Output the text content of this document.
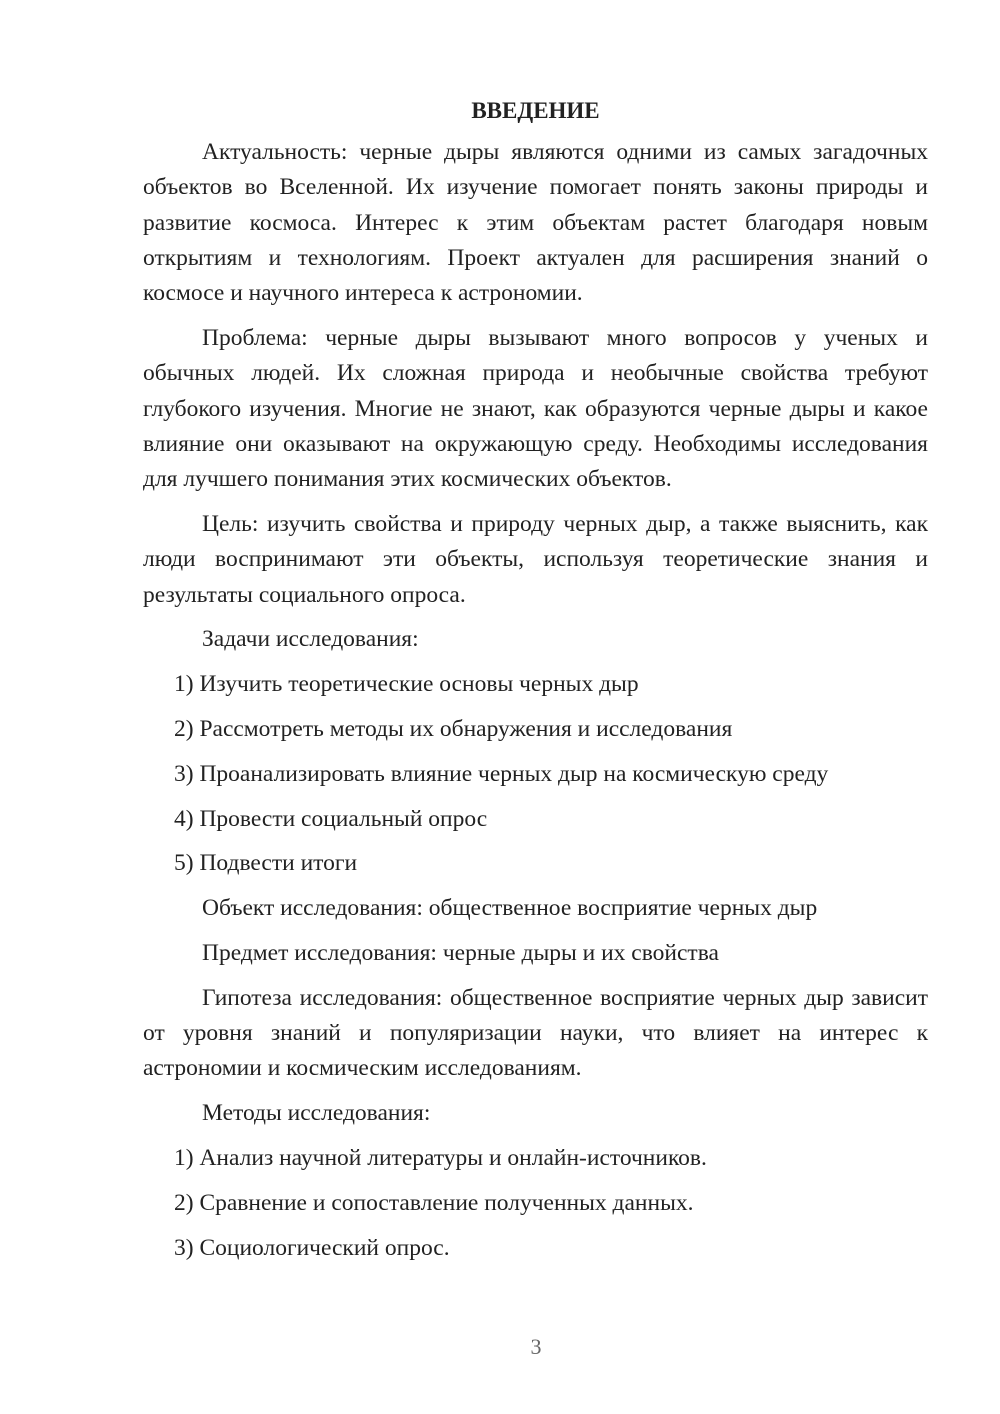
ВВЕДЕНИЕ
Актуальность: черные дыры являются одними из самых загадочных объектов во Вселенной. Их изучение помогает понять законы природы и развитие космоса. Интерес к этим объектам растет благодаря новым открытиям и технологиям. Проект актуален для расширения знаний о космосе и научного интереса к астрономии.
Проблема: черные дыры вызывают много вопросов у ученых и обычных людей. Их сложная природа и необычные свойства требуют глубокого изучения. Многие не знают, как образуются черные дыры и какое влияние они оказывают на окружающую среду. Необходимы исследования для лучшего понимания этих космических объектов.
Цель: изучить свойства и природу черных дыр, а также выяснить, как люди воспринимают эти объекты, используя теоретические знания и результаты социального опроса.
Задачи исследования:
1) Изучить теоретические основы черных дыр
2) Рассмотреть методы их обнаружения и исследования
3) Проанализировать влияние черных дыр на космическую среду
4) Провести социальный опрос
5) Подвести итоги
Объект исследования: общественное восприятие черных дыр
Предмет исследования: черные дыры и их свойства
Гипотеза исследования: общественное восприятие черных дыр зависит от уровня знаний и популяризации науки, что влияет на интерес к астрономии и космическим исследованиям.
Методы исследования:
1) Анализ научной литературы и онлайн-источников.
2) Сравнение и сопоставление полученных данных.
3) Социологический опрос.
3
